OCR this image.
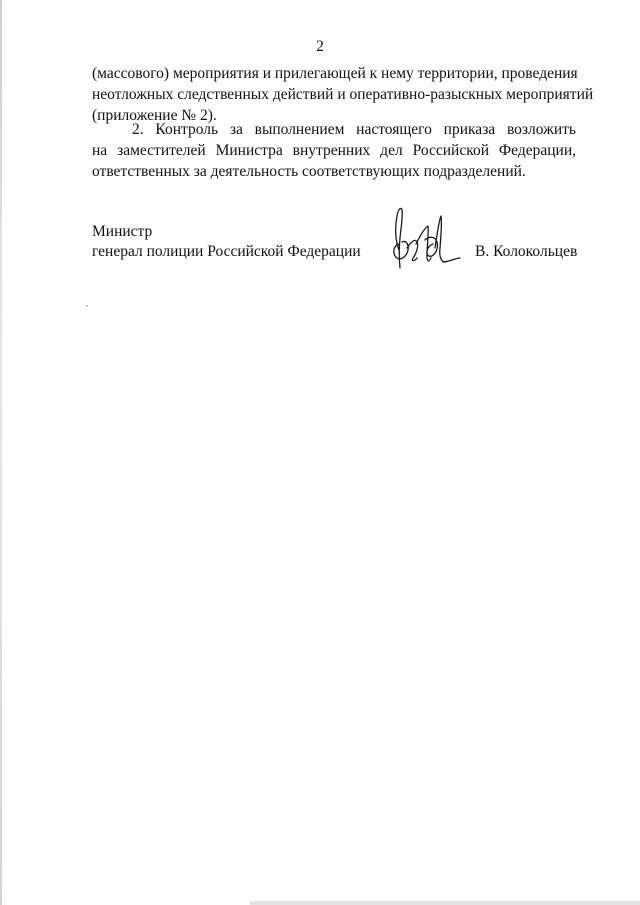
2
(массового) мероприятия и прилегающей к нему территории, проведения
неотложных следственных действий и оперативно-разыскных мероприятий
(приложение № 2).
2. Контроль за выполнением настоящего приказа возложить
на заместителей Министра внутренних дел Российской Федерации,
ответственных за деятельность соответствующих подразделений.
Министр
генерал полиции Российской Федерации	В. Колокольцев
